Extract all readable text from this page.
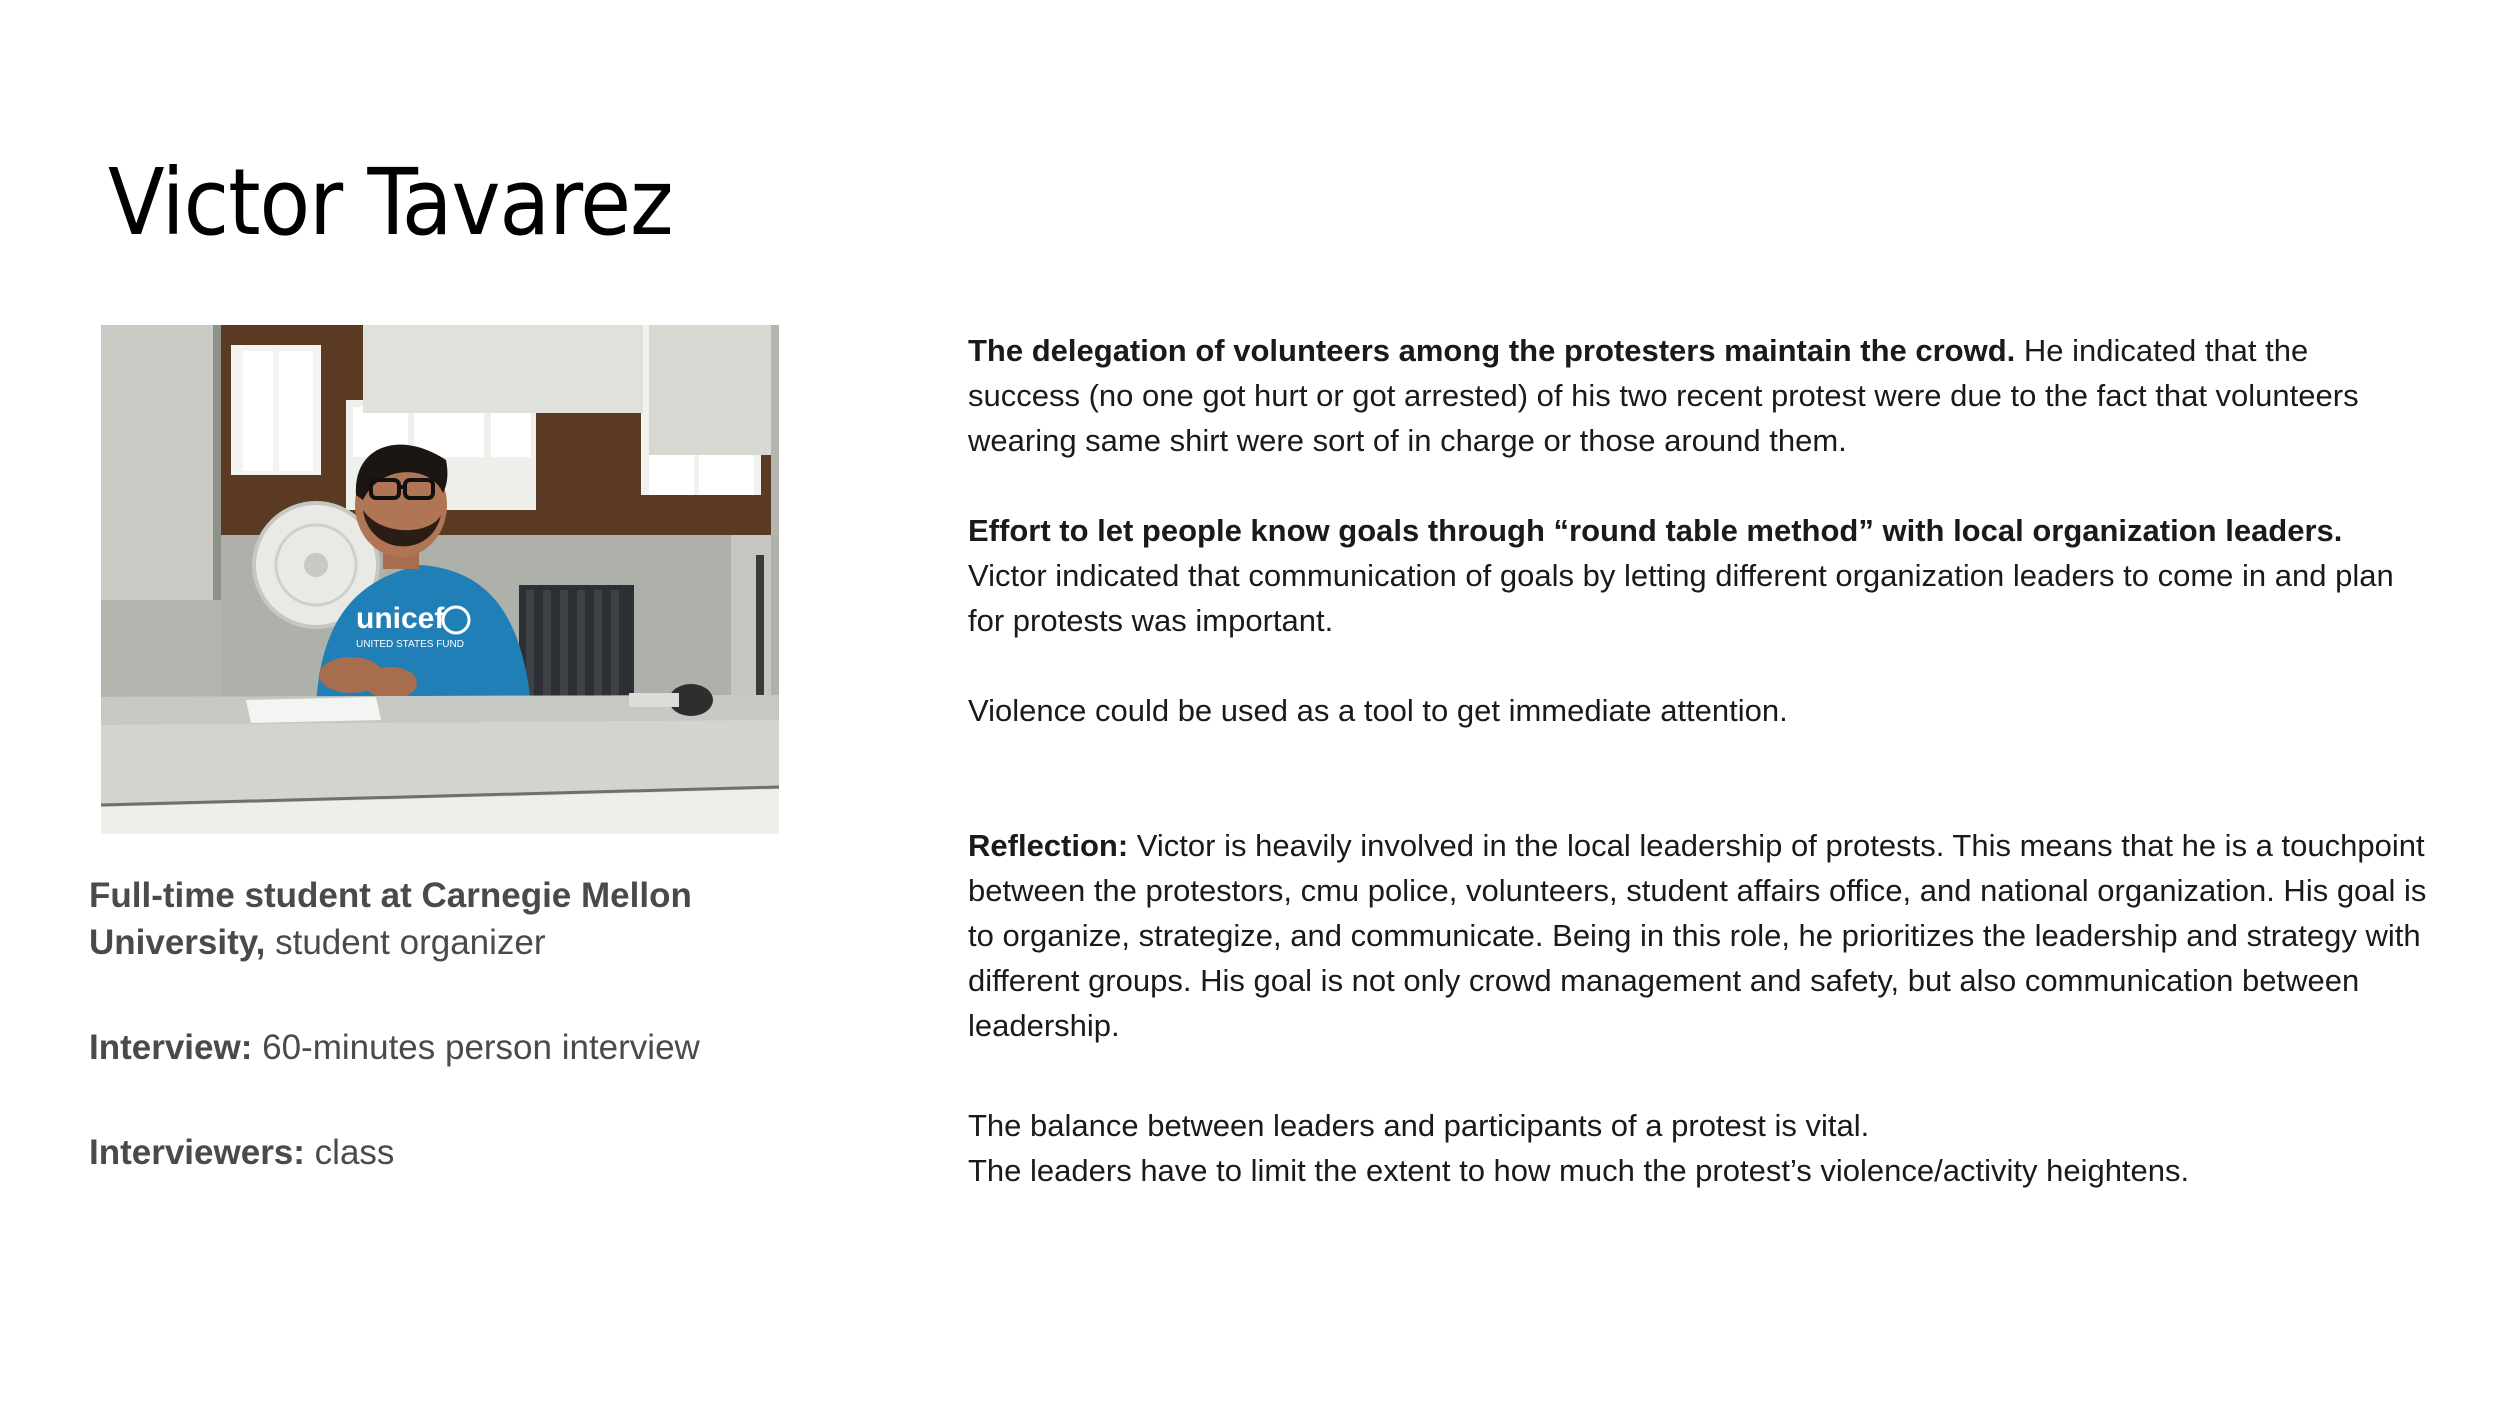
Victor Tavarez
unicef
UNITED STATES FUND
Full-time student at Carnegie Mellon University, student organizer
Interview: 60-minutes person interview
Interviewers: class

The delegation of volunteers among the protesters maintain the crowd. He indicated that the success (no one got hurt or got arrested) of his two recent protest were due to the fact that volunteers wearing same shirt were sort of in charge or those around them.

Effort to let people know goals through “round table method” with local organization leaders.
Victor indicated that communication of goals by letting different organization leaders to come in and plan for protests was important.

Violence could be used as a tool to get immediate attention.

Reflection: Victor is heavily involved in the local leadership of protests. This means that he is a touchpoint between the protestors, cmu police, volunteers, student affairs office, and national organization. His goal is to organize, strategize, and communicate. Being in this role, he prioritizes the leadership and strategy with different groups. His goal is not only crowd management and safety, but also communication between leadership.

The balance between leaders and participants of a protest is vital.

The leaders have to limit the extent to how much the protest’s violence/activity heightens.
